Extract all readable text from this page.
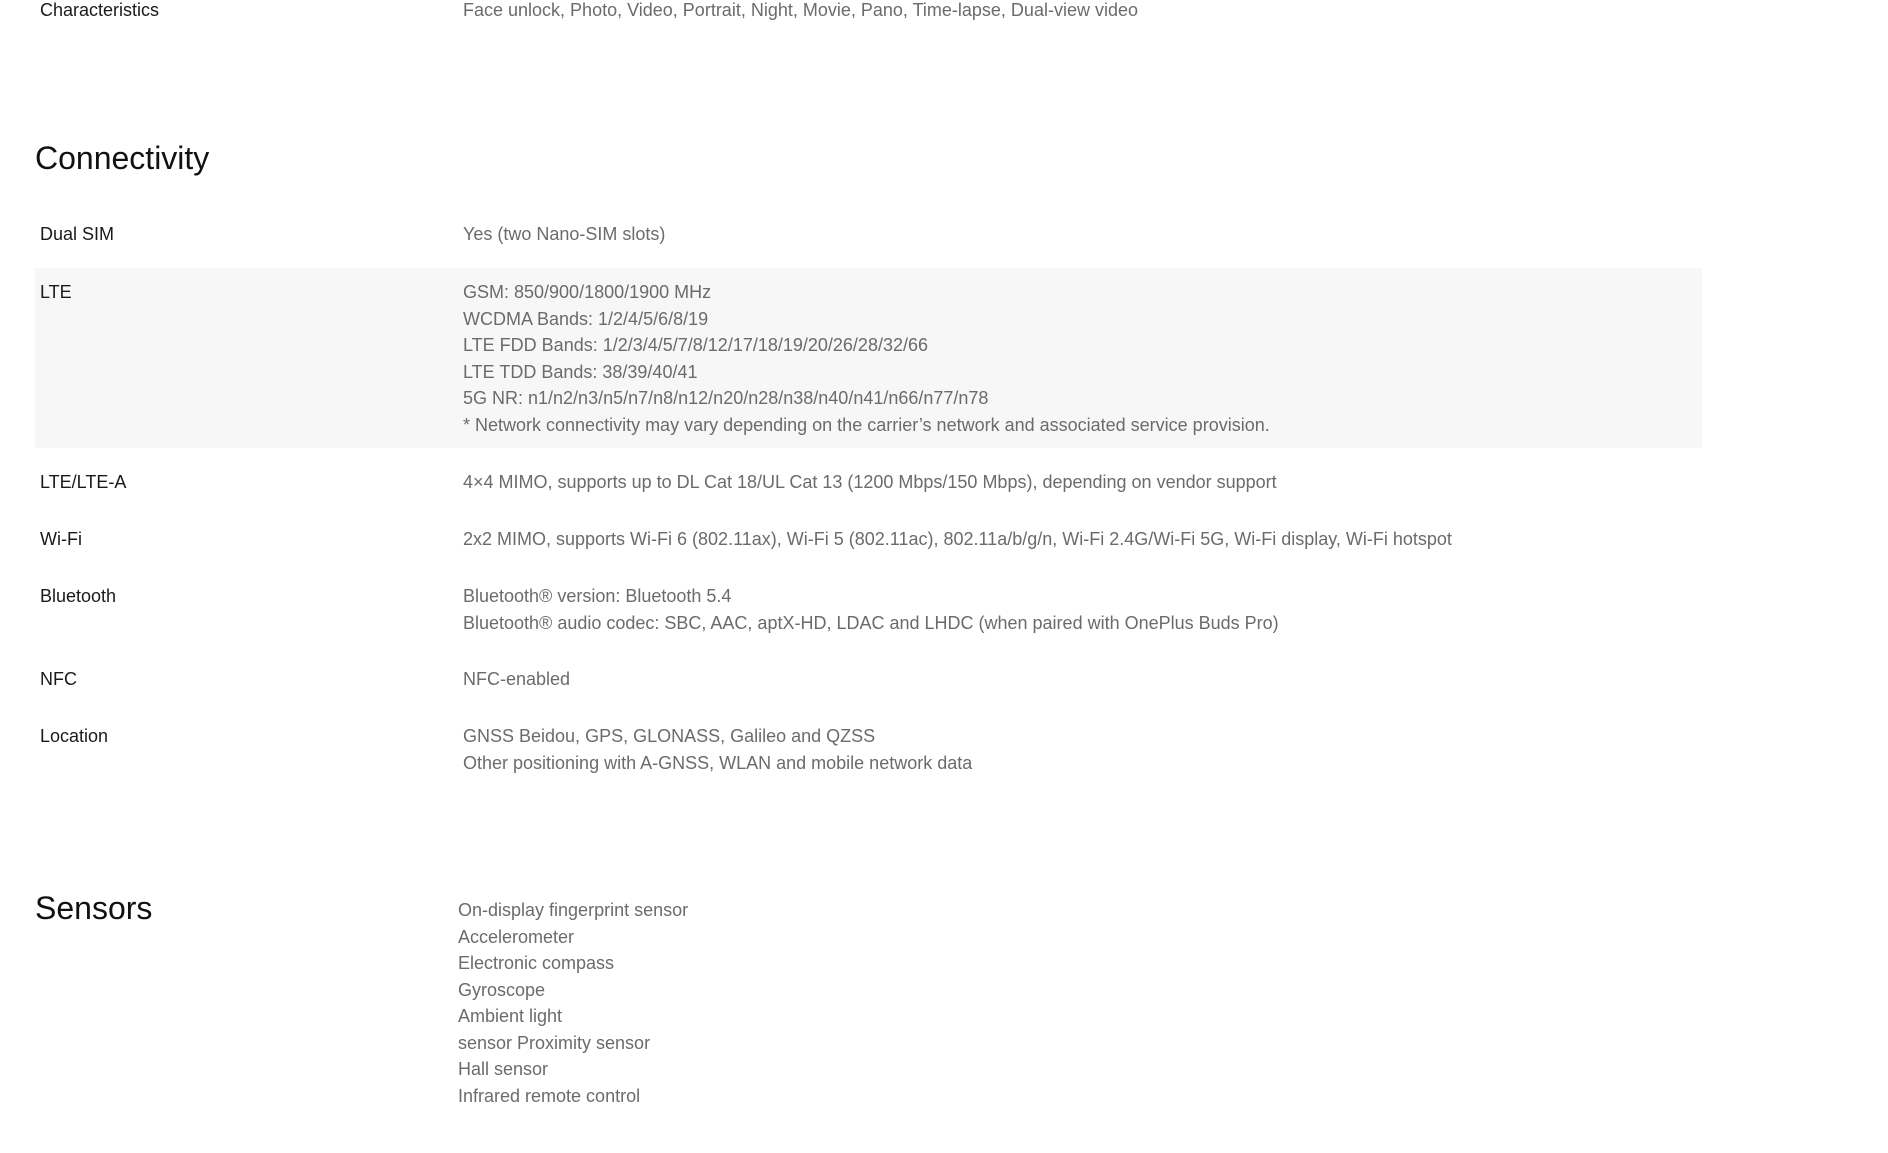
Characteristics	Face unlock, Photo, Video, Portrait, Night, Movie, Pano, Time-lapse, Dual-view video
Connectivity
Dual SIM	Yes (two Nano-SIM slots)
LTE	GSM: 850/900/1800/1900 MHz
WCDMA Bands: 1/2/4/5/6/8/19
LTE FDD Bands: 1/2/3/4/5/7/8/12/17/18/19/20/26/28/32/66
LTE TDD Bands: 38/39/40/41
5G NR: n1/n2/n3/n5/n7/n8/n12/n20/n28/n38/n40/n41/n66/n77/n78
* Network connectivity may vary depending on the carrier’s network and associated service provision.
LTE/LTE-A	4×4 MIMO, supports up to DL Cat 18/UL Cat 13 (1200 Mbps/150 Mbps), depending on vendor support
Wi-Fi	2x2 MIMO, supports Wi-Fi 6 (802.11ax), Wi-Fi 5 (802.11ac), 802.11a/b/g/n, Wi-Fi 2.4G/Wi-Fi 5G, Wi-Fi display, Wi-Fi hotspot
Bluetooth	Bluetooth® version: Bluetooth 5.4
Bluetooth® audio codec: SBC, AAC, aptX-HD, LDAC and LHDC (when paired with OnePlus Buds Pro)
NFC	NFC-enabled
Location	GNSS Beidou, GPS, GLONASS, Galileo and QZSS
Other positioning with A-GNSS, WLAN and mobile network data
Sensors	On-display fingerprint sensor
Accelerometer
Electronic compass
Gyroscope
Ambient light
sensor Proximity sensor
Hall sensor
Infrared remote control
